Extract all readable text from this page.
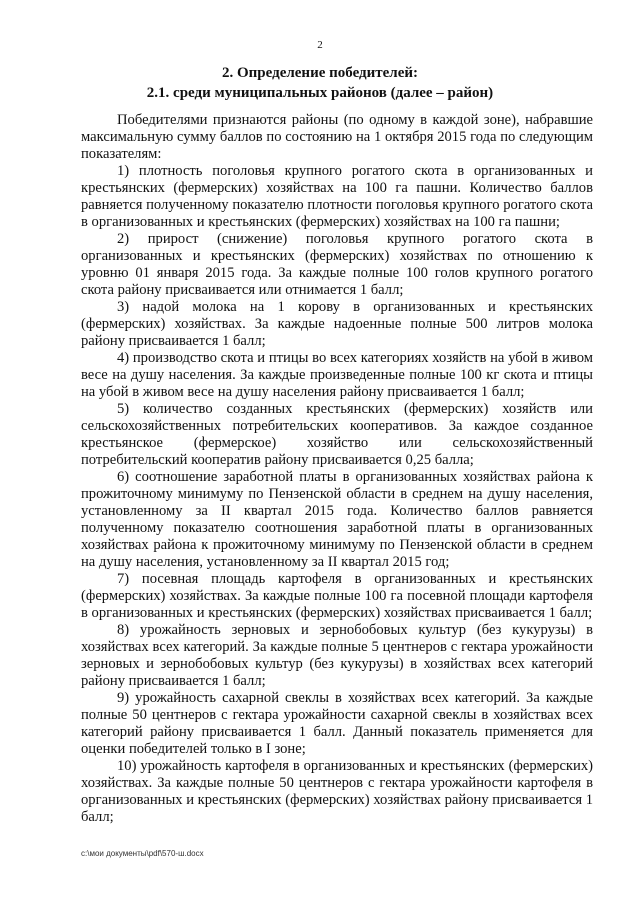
2
2. Определение победителей:
2.1. среди муниципальных районов (далее – район)

Победителями признаются районы (по одному в каждой зоне), набравшие максимальную сумму баллов по состоянию на 1 октября 2015 года по следующим показателям:

1) плотность поголовья крупного рогатого скота в организованных и крестьянских (фермерских) хозяйствах на 100 га пашни. Количество баллов равняется полученному показателю плотности поголовья крупного рогатого скота в организованных и крестьянских (фермерских) хозяйствах на 100 га пашни;

2) прирост (снижение) поголовья крупного рогатого скота в организованных и крестьянских (фермерских) хозяйствах по отношению к уровню 01 января 2015 года. За каждые полные 100 голов крупного рогатого скота району присваивается или отнимается 1 балл;

3) надой молока на 1 корову в организованных и крестьянских (фермерских) хозяйствах. За каждые надоенные полные 500 литров молока району присваивается 1 балл;

4) производство скота и птицы во всех категориях хозяйств на убой в живом весе на душу населения. За каждые произведенные полные 100 кг скота и птицы на убой в живом весе на душу населения району присваивается 1 балл;

5) количество созданных крестьянских (фермерских) хозяйств или сельскохозяйственных потребительских кооперативов. За каждое созданное крестьянское (фермерское) хозяйство или сельскохозяйственный потребительский кооператив району присваивается 0,25 балла;

6) соотношение заработной платы в организованных хозяйствах района к прожиточному минимуму по Пензенской области в среднем на душу населения, установленному за II квартал 2015 года. Количество баллов равняется полученному показателю соотношения заработной платы в организованных хозяйствах района к прожиточному минимуму по Пензенской области в среднем на душу населения, установленному за II квартал 2015 год;

7) посевная площадь картофеля в организованных и крестьянских (фермерских) хозяйствах. За каждые полные 100 га посевной площади картофеля в организованных и крестьянских (фермерских) хозяйствах присваивается 1 балл;

8) урожайность зерновых и зернобобовых культур (без кукурузы) в хозяйствах всех категорий. За каждые полные 5 центнеров с гектара урожайности зерновых и зернобобовых культур (без кукурузы) в хозяйствах всех категорий району присваивается 1 балл;

9) урожайность сахарной свеклы в хозяйствах всех категорий. За каждые полные 50 центнеров с гектара урожайности сахарной свеклы в хозяйствах всех категорий району присваивается 1 балл. Данный показатель применяется для оценки победителей только в I зоне;

10) урожайность картофеля в организованных и крестьянских (фермерских) хозяйствах. За каждые полные 50 центнеров с гектара урожайности картофеля в организованных и крестьянских (фермерских) хозяйствах району присваивается 1 балл;

c:\мои документы\pdf\570-ш.docx
